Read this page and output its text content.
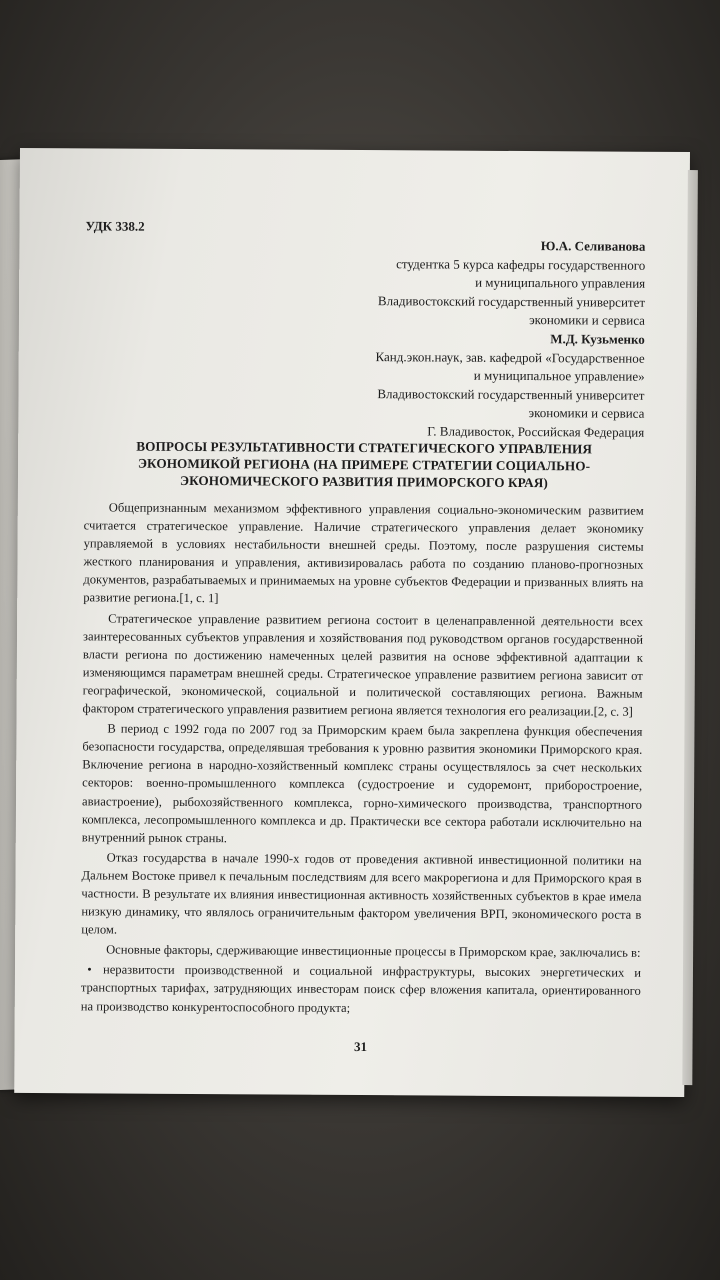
УДК 338.2
Ю.А. Селиванова
студентка 5 курса кафедры государственного
и муниципального управления
Владивостокский государственный университет
экономики и сервиса
М.Д. Кузьменко
Канд.экон.наук, зав. кафедрой «Государственное
и муниципальное управление»
Владивостокский государственный университет
экономики и сервиса
Г. Владивосток, Российская Федерация
ВОПРОСЫ РЕЗУЛЬТАТИВНОСТИ СТРАТЕГИЧЕСКОГО УПРАВЛЕНИЯ ЭКОНОМИКОЙ РЕГИОНА (НА ПРИМЕРЕ СТРАТЕГИИ СОЦИАЛЬНО-ЭКОНОМИЧЕСКОГО РАЗВИТИЯ ПРИМОРСКОГО КРАЯ)

Общепризнанным механизмом эффективного управления социально-экономическим развитием считается стратегическое управление. Наличие стратегического управления делает экономику управляемой в условиях нестабильности внешней среды. Поэтому, после разрушения системы жесткого планирования и управления, активизировалась работа по созданию планово-прогнозных документов, разрабатываемых и принимаемых на уровне субъектов Федерации и призванных влиять на развитие региона.[1, с. 1]

Стратегическое управление развитием региона состоит в целенаправленной деятельности всех заинтересованных субъектов управления и хозяйствования под руководством органов государственной власти региона по достижению намеченных целей развития на основе эффективной адаптации к изменяющимся параметрам внешней среды. Стратегическое управление развитием региона зависит от географической, экономической, социальной и политической составляющих региона. Важным фактором стратегического управления развитием региона является технология его реализации.[2, с. 3]

В период с 1992 года по 2007 год за Приморским краем была закреплена функция обеспечения безопасности государства, определявшая требования к уровню развития экономики Приморского края. Включение региона в народно-хозяйственный комплекс страны осуществлялось за счет нескольких секторов: военно-промышленного комплекса (судостроение и судоремонт, приборостроение, авиастроение), рыбохозяйственного комплекса, горно-химического производства, транспортного комплекса, лесопромышленного комплекса и др. Практически все сектора работали исключительно на внутренний рынок страны.

Отказ государства в начале 1990-х годов от проведения активной инвестиционной политики на Дальнем Востоке привел к печальным последствиям для всего макрорегиона и для Приморского края в частности. В результате их влияния инвестиционная активность хозяйственных субъектов в крае имела низкую динамику, что являлось ограничительным фактором увеличения ВРП, экономического роста в целом.

Основные факторы, сдерживающие инвестиционные процессы в Приморском крае, заключались в:

• неразвитости производственной и социальной инфраструктуры, высоких энергетических и транспортных тарифах, затрудняющих инвесторам поиск сфер вложения капитала, ориентированного на производство конкурентоспособного продукта;

31
